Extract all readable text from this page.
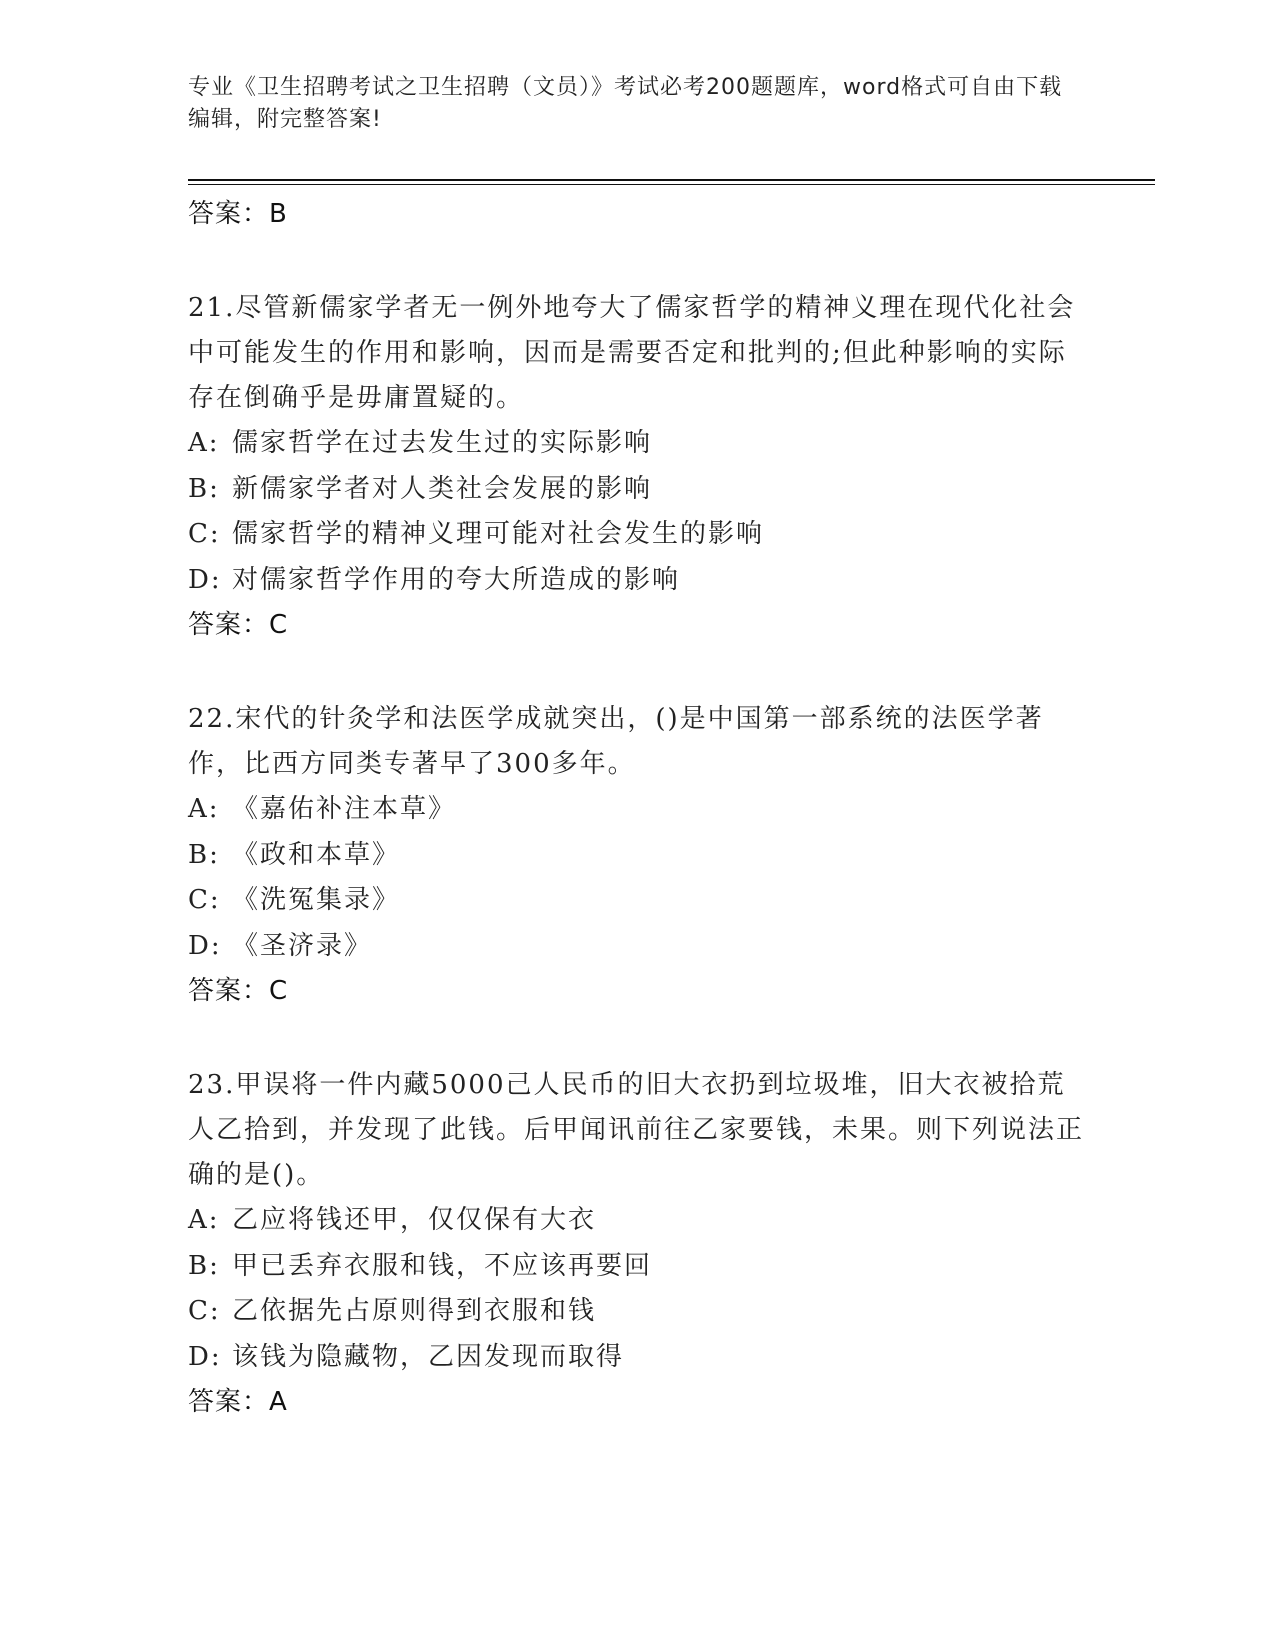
专业《卫生招聘考试之卫生招聘（文员）》考试必考200题题库，word格式可自由下载编辑，附完整答案!
答案：B
21.尽管新儒家学者无一例外地夸大了儒家哲学的精神义理在现代化社会中可能发生的作用和影响，因而是需要否定和批判的;但此种影响的实际存在倒确乎是毋庸置疑的。
A: 儒家哲学在过去发生过的实际影响
B: 新儒家学者对人类社会发展的影响
C: 儒家哲学的精神义理可能对社会发生的影响
D: 对儒家哲学作用的夸大所造成的影响
答案：C
22.宋代的针灸学和法医学成就突出，()是中国第一部系统的法医学著作，比西方同类专著早了300多年。
A: 《嘉佑补注本草》
B: 《政和本草》
C: 《洗冤集录》
D: 《圣济录》
答案：C
23.甲误将一件内藏5000己人民币的旧大衣扔到垃圾堆，旧大衣被拾荒人乙拾到，并发现了此钱。后甲闻讯前往乙家要钱，未果。则下列说法正确的是()。
A: 乙应将钱还甲，仅仅保有大衣
B: 甲已丢弃衣服和钱，不应该再要回
C: 乙依据先占原则得到衣服和钱
D: 该钱为隐藏物，乙因发现而取得
答案：A
